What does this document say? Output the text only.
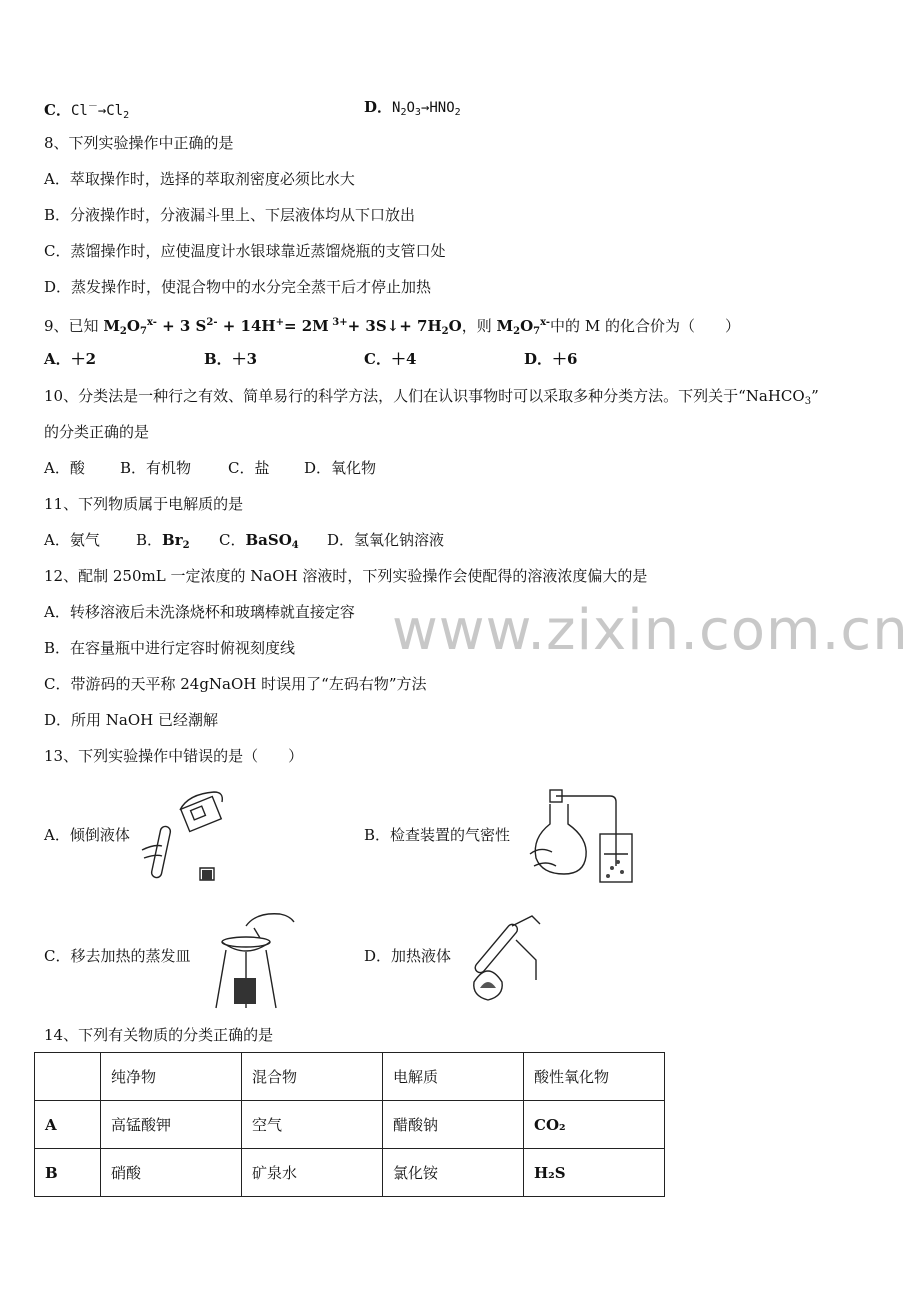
C．$Cl^-\to Cl_2$	D．$N_2O_3\to HNO_2$
8、下列实验操作中正确的是
A．萃取操作时，选择的萃取剂密度必须比水大
B．分液操作时，分液漏斗里上、下层液体均从下口放出
C．蒸馏操作时，应使温度计水银球靠近蒸馏烧瓶的支管口处
D．蒸发操作时，使混合物中的水分完全蒸干后才停止加热
9、已知 $M_2O_7^{x-} + 3$ $S^{2-} + 14H^+= 2M$ $^{3+}$+ 3S↓+ $7H_2O$，则 $M_2O_7^{x-}$中的 M 的化合价为（　　）
A．＋2	B．＋3	C．＋4	D．＋6
10、分类法是一种行之有效、简单易行的科学方法，人们在认识事物时可以采取多种分类方法。下列关于“NaHCO$_3$”
的分类正确的是
A．酸 B．有机物 C．盐 D．氧化物
11、下列物质属于电解质的是
A．氨气 B．$Br_2$ C．BaSO$_4$ D．氢氧化钠溶液
12、配制 250mL 一定浓度的 NaOH 溶液时，下列实验操作会使配得的溶液浓度偏大的是
A．转移溶液后未洗涤烧杯和玻璃棒就直接定容
B．在容量瓶中进行定容时俯视刻度线
C．带游码的天平称 24gNaOH 时误用了“左码右物”方法
D．所用 NaOH 已经潮解
www.zixin.com.cn
13、下列实验操作中错误的是（　　）
A．倾倒液体	B．检查装置的气密性
C．移去加热的蒸发皿	D．加热液体
14、下列有关物质的分类正确的是
	纯净物	混合物	电解质	酸性氧化物
A	高锰酸钾	空气	醋酸钠	CO₂
B	硝酸	矿泉水	氯化铵	H₂S
